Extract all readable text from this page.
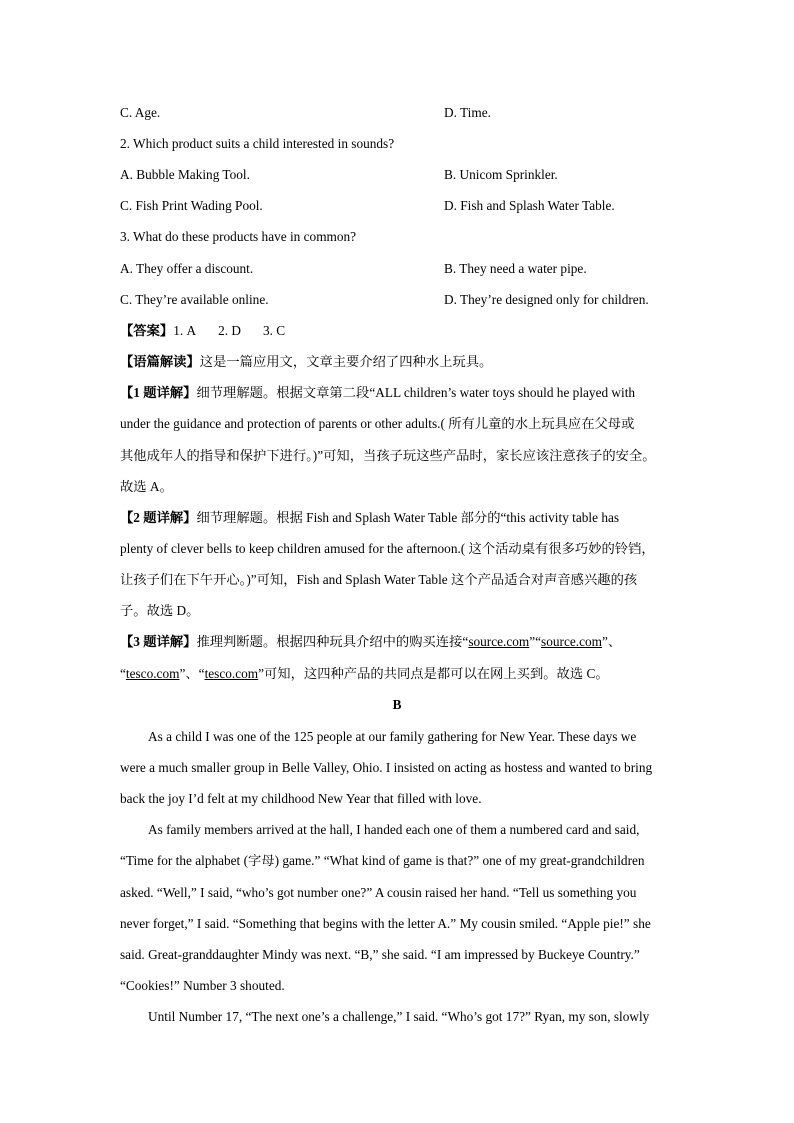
C. Age.	D. Time.
2. Which product suits a child interested in sounds?
A. Bubble Making Tool.	B. Unicom Sprinkler.
C. Fish Print Wading Pool.	D. Fish and Splash Water Table.
3. What do these products have in common?
A. They offer a discount.	B. They need a water pipe.
C. They’re available online.	D. They’re designed only for children.
【答案】1. A 2. D 3. C
【语篇解读】这是一篇应用文，文章主要介绍了四种水上玩具。
【1 题详解】细节理解题。根据文章第二段“ALL children’s water toys should he played with
under the guidance and protection of parents or other adults.( 所有儿童的水上玩具应在父母或
其他成年人的指导和保护下进行。)”可知，当孩子玩这些产品时，家长应该注意孩子的安全。
故选 A。
【2 题详解】细节理解题。根据 Fish and Splash Water Table 部分的“this activity table has
plenty of clever bells to keep children amused for the afternoon.( 这个活动桌有很多巧妙的铃铛，
让孩子们在下午开心。)”可知，Fish and Splash Water Table 这个产品适合对声音感兴趣的孩
子。故选 D。
【3 题详解】推理判断题。根据四种玩具介绍中的购买连接“source.com”“source.com”、
“tesco.com”、“tesco.com”可知，这四种产品的共同点是都可以在网上买到。故选 C。
B
As a child I was one of the 125 people at our family gathering for New Year. These days we
were a much smaller group in Belle Valley, Ohio. I insisted on acting as hostess and wanted to bring
back the joy I’d felt at my childhood New Year that filled with love.
As family members arrived at the hall, I handed each one of them a numbered card and said,
“Time for the alphabet (字母) game.” “What kind of game is that?” one of my great-grandchildren
asked. “Well,” I said, “who’s got number one?” A cousin raised her hand. “Tell us something you
never forget,” I said. “Something that begins with the letter A.” My cousin smiled. “Apple pie!” she
said. Great-granddaughter Mindy was next. “B,” she said. “I am impressed by Buckeye Country.”
“Cookies!” Number 3 shouted.
Until Number 17, “The next one’s a challenge,” I said. “Who’s got 17?” Ryan, my son, slowly
